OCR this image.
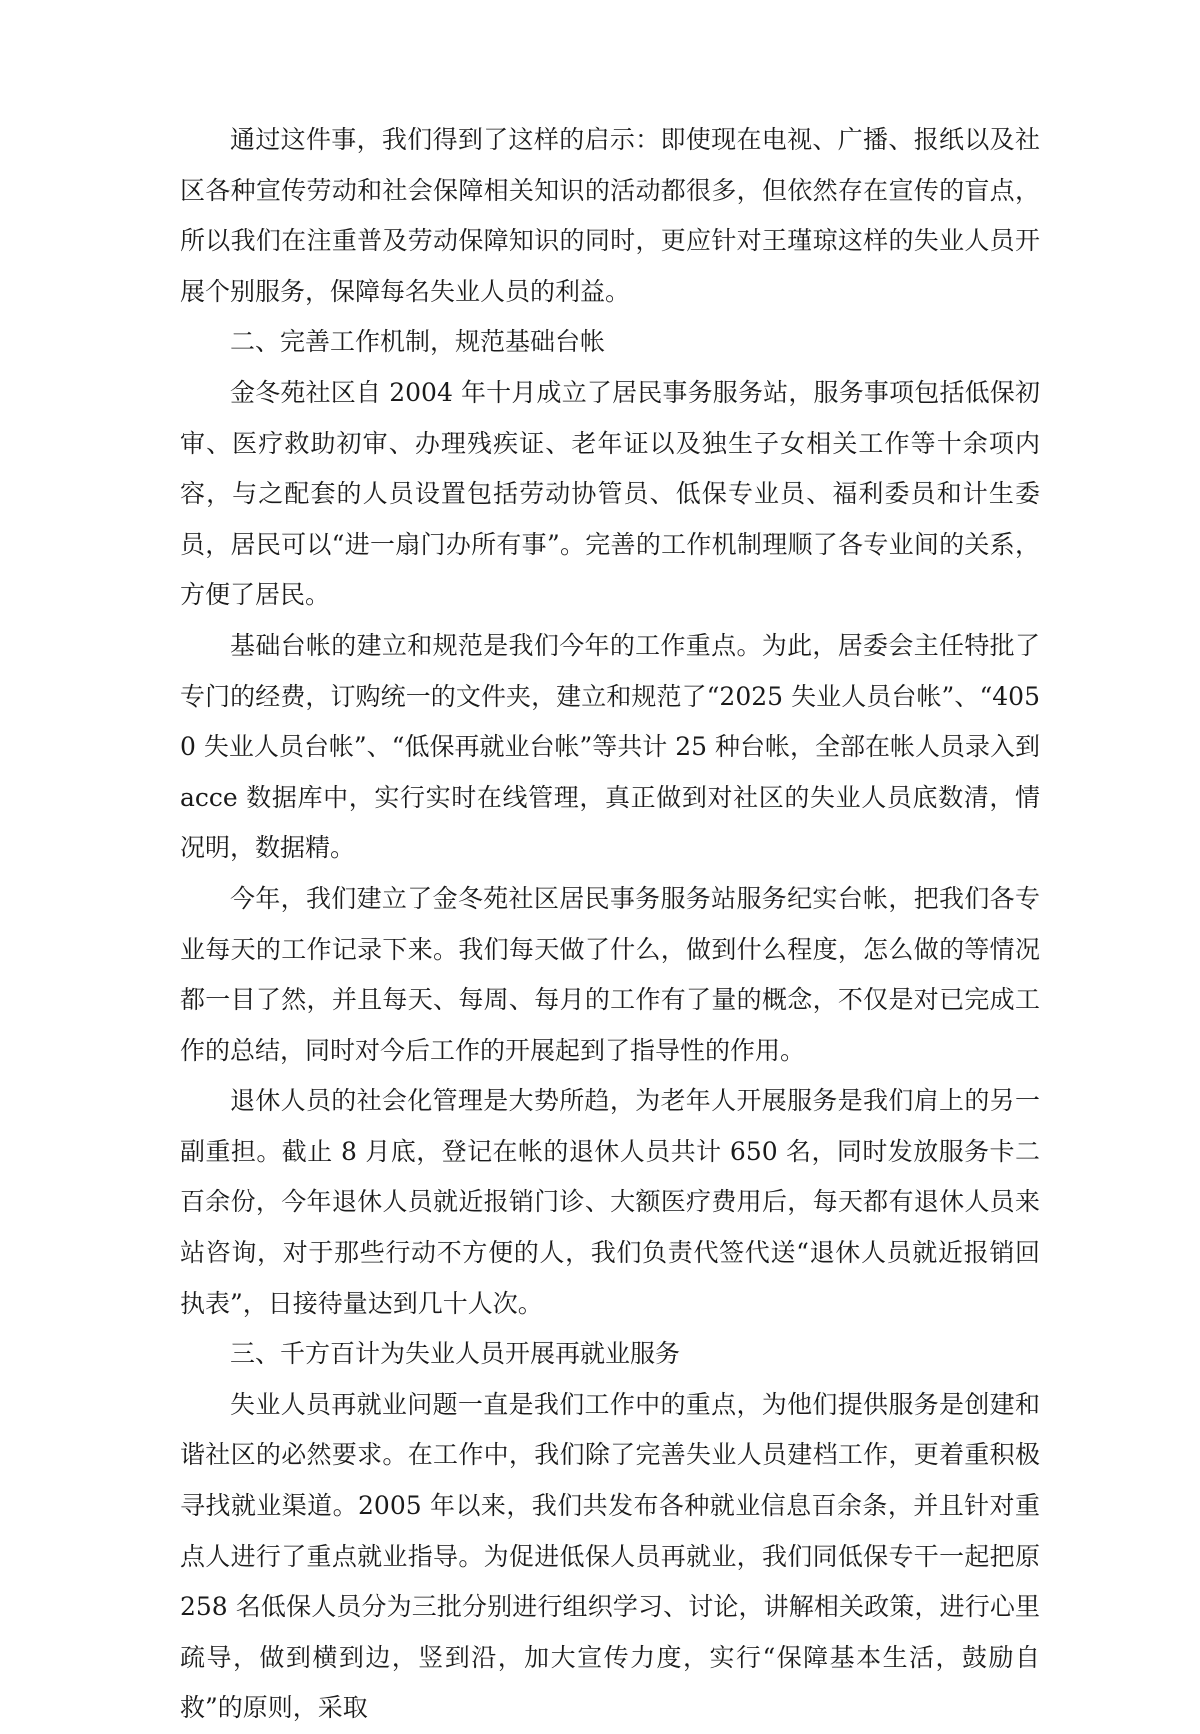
通过这件事，我们得到了这样的启示：即使现在电视、广播、报纸以及社区各种宣传劳动和社会保障相关知识的活动都很多，但依然存在宣传的盲点，所以我们在注重普及劳动保障知识的同时，更应针对王瑾琼这样的失业人员开展个别服务，保障每名失业人员的利益。

二、完善工作机制，规范基础台帐

金冬苑社区自 2004 年十月成立了居民事务服务站，服务事项包括低保初审、医疗救助初审、办理残疾证、老年证以及独生子女相关工作等十余项内容，与之配套的人员设置包括劳动协管员、低保专业员、福利委员和计生委员，居民可以“进一扇门办所有事”。完善的工作机制理顺了各专业间的关系，方便了居民。

基础台帐的建立和规范是我们今年的工作重点。为此，居委会主任特批了专门的经费，订购统一的文件夹，建立和规范了“2025 失业人员台帐”、“4050 失业人员台帐”、“低保再就业台帐”等共计 25 种台帐，全部在帐人员录入到 acce 数据库中，实行实时在线管理，真正做到对社区的失业人员底数清，情况明，数据精。

今年，我们建立了金冬苑社区居民事务服务站服务纪实台帐，把我们各专业每天的工作记录下来。我们每天做了什么，做到什么程度，怎么做的等情况都一目了然，并且每天、每周、每月的工作有了量的概念，不仅是对已完成工作的总结，同时对今后工作的开展起到了指导性的作用。

退休人员的社会化管理是大势所趋，为老年人开展服务是我们肩上的另一副重担。截止 8 月底，登记在帐的退休人员共计 650 名，同时发放服务卡二百余份，今年退休人员就近报销门诊、大额医疗费用后，每天都有退休人员来站咨询，对于那些行动不方便的人，我们负责代签代送“退休人员就近报销回执表”，日接待量达到几十人次。

三、千方百计为失业人员开展再就业服务

失业人员再就业问题一直是我们工作中的重点，为他们提供服务是创建和谐社区的必然要求。在工作中，我们除了完善失业人员建档工作，更着重积极寻找就业渠道。2005 年以来，我们共发布各种就业信息百余条，并且针对重点人进行了重点就业指导。为促进低保人员再就业，我们同低保专干一起把原 258 名低保人员分为三批分别进行组织学习、讨论，讲解相关政策，进行心里疏导，做到横到边，竖到沿，加大宣传力度，实行“保障基本生活，鼓励自救”的原则，采取
